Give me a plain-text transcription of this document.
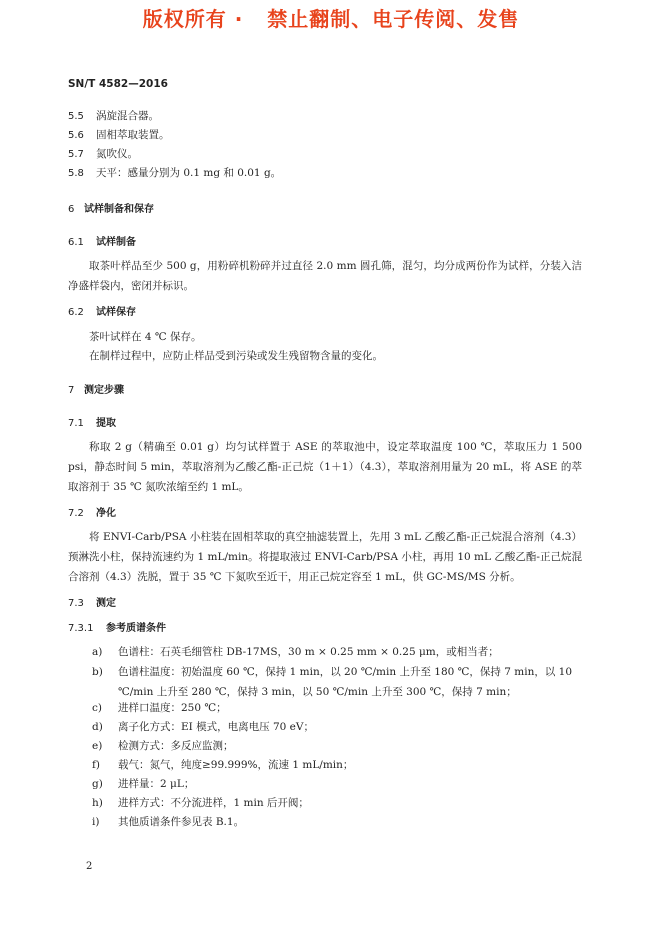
版权所有 ·   禁止翻制、电子传阅、发售
SN/T 4582—2016
5.5 涡旋混合器。
5.6 固相萃取装置。
5.7 氮吹仪。
5.8 天平：感量分别为 0.1 mg 和 0.01 g。
6 试样制备和保存
6.1 试样制备
取茶叶样品至少 500 g，用粉碎机粉碎并过直径 2.0 mm 圆孔筛，混匀，均分成两份作为试样，分装入洁净盛样袋内，密闭并标识。
6.2 试样保存
茶叶试样在 4 ℃ 保存。
在制样过程中，应防止样品受到污染或发生残留物含量的变化。
7 测定步骤
7.1 提取
称取 2 g（精确至 0.01 g）均匀试样置于 ASE 的萃取池中，设定萃取温度 100 ℃，萃取压力 1 500 psi，静态时间 5 min，萃取溶剂为乙酸乙酯-正己烷（1＋1）（4.3），萃取溶剂用量为 20 mL，将 ASE 的萃取溶剂于 35 ℃ 氮吹浓缩至约 1 mL。
7.2 净化
将 ENVI-Carb/PSA 小柱装在固相萃取的真空抽滤装置上，先用 3 mL 乙酸乙酯-正己烷混合溶剂（4.3）预淋洗小柱，保持流速约为 1 mL/min。将提取液过 ENVI-Carb/PSA 小柱，再用 10 mL 乙酸乙酯-正己烷混合溶剂（4.3）洗脱，置于 35 ℃ 下氮吹至近干，用正己烷定容至 1 mL，供 GC-MS/MS 分析。
7.3 测定
7.3.1 参考质谱条件
a) 色谱柱：石英毛细管柱 DB-17MS，30 m × 0.25 mm × 0.25 μm，或相当者；
b) 色谱柱温度：初始温度 60 ℃，保持 1 min，以 20 ℃/min 上升至 180 ℃，保持 7 min，以 10 ℃/min 上升至 280 ℃，保持 3 min，以 50 ℃/min 上升至 300 ℃，保持 7 min；
c) 进样口温度：250 ℃；
d) 离子化方式：EI 模式，电离电压 70 eV；
e) 检测方式：多反应监测；
f) 载气：氮气，纯度≥99.999%，流速 1 mL/min；
g) 进样量：2 μL；
h) 进样方式：不分流进样，1 min 后开阀；
i) 其他质谱条件参见表 B.1。
2
